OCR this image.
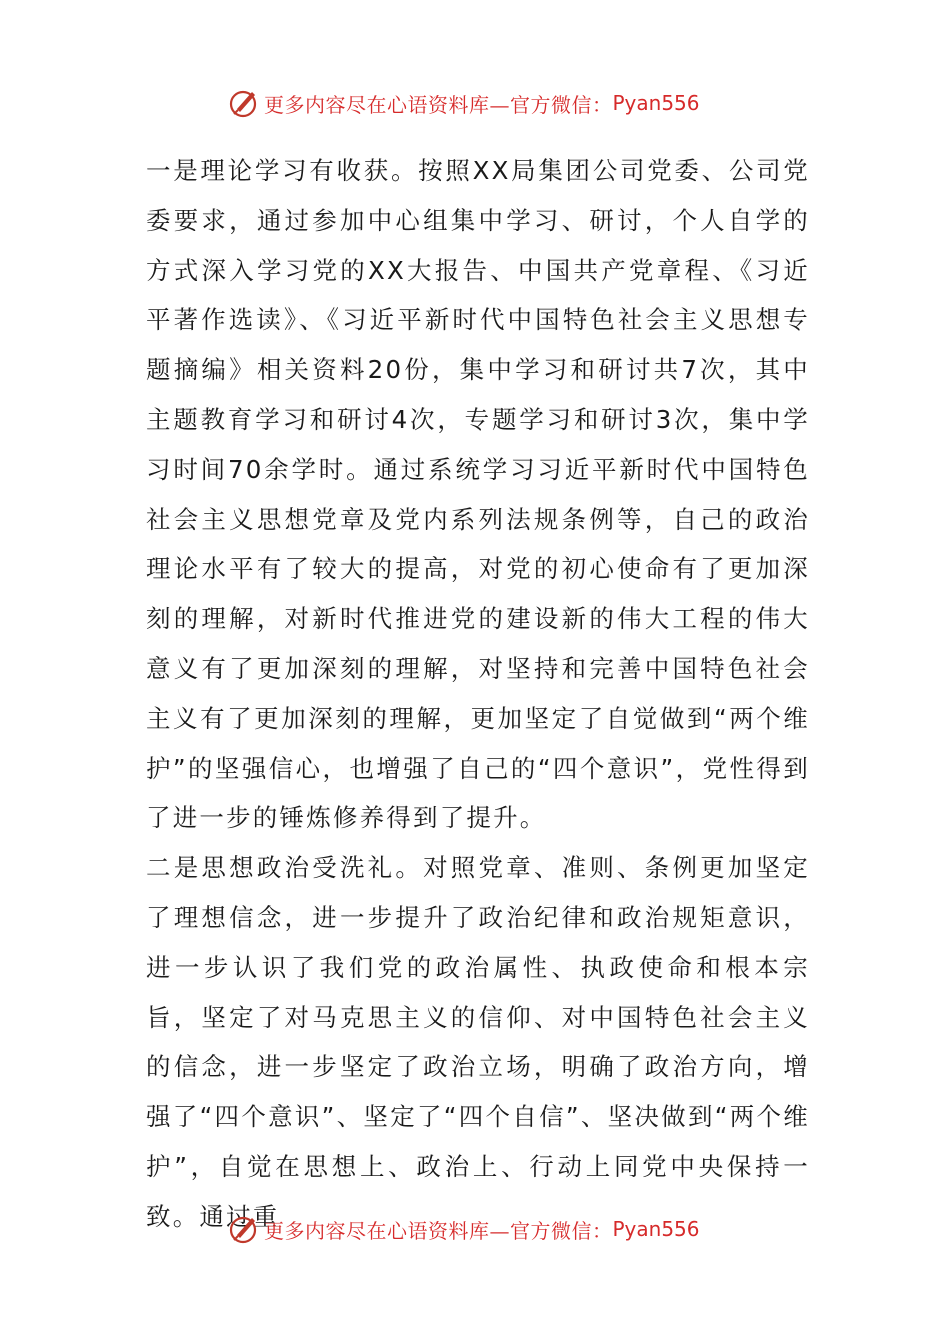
更多内容尽在心语资料库—官方微信： Pyan556

一是理论学习有收获。按照XX局集团公司党委、公司党委要求，通过参加中心组集中学习、研讨，个人自学的方式深入学习党的XX大报告、中国共产党章程、《习近平著作选读》、《习近平新时代中国特色社会主义思想专题摘编》相关资料20份，集中学习和研讨共7次，其中主题教育学习和研讨4次，专题学习和研讨3次，集中学习时间70余学时。通过系统学习习近平新时代中国特色社会主义思想党章及党内系列法规条例等，自己的政治理论水平有了较大的提高，对党的初心使命有了更加深刻的理解，对新时代推进党的建设新的伟大工程的伟大意义有了更加深刻的理解，对坚持和完善中国特色社会主义有了更加深刻的理解，更加坚定了自觉做到“两个维护”的坚强信心，也增强了自己的“四个意识”，党性得到了进一步的锤炼修养得到了提升。

二是思想政治受洗礼。对照党章、准则、条例更加坚定了理想信念，进一步提升了政治纪律和政治规矩意识，进一步认识了我们党的政治属性、执政使命和根本宗旨，坚定了对马克思主义的信仰、对中国特色社会主义的信念，进一步坚定了政治立场，明确了政治方向，增强了“四个意识”、坚定了“四个自信”、坚决做到“两个维护”，自觉在思想上、政治上、行动上同党中央保持一致。通过重

更多内容尽在心语资料库—官方微信： Pyan556
